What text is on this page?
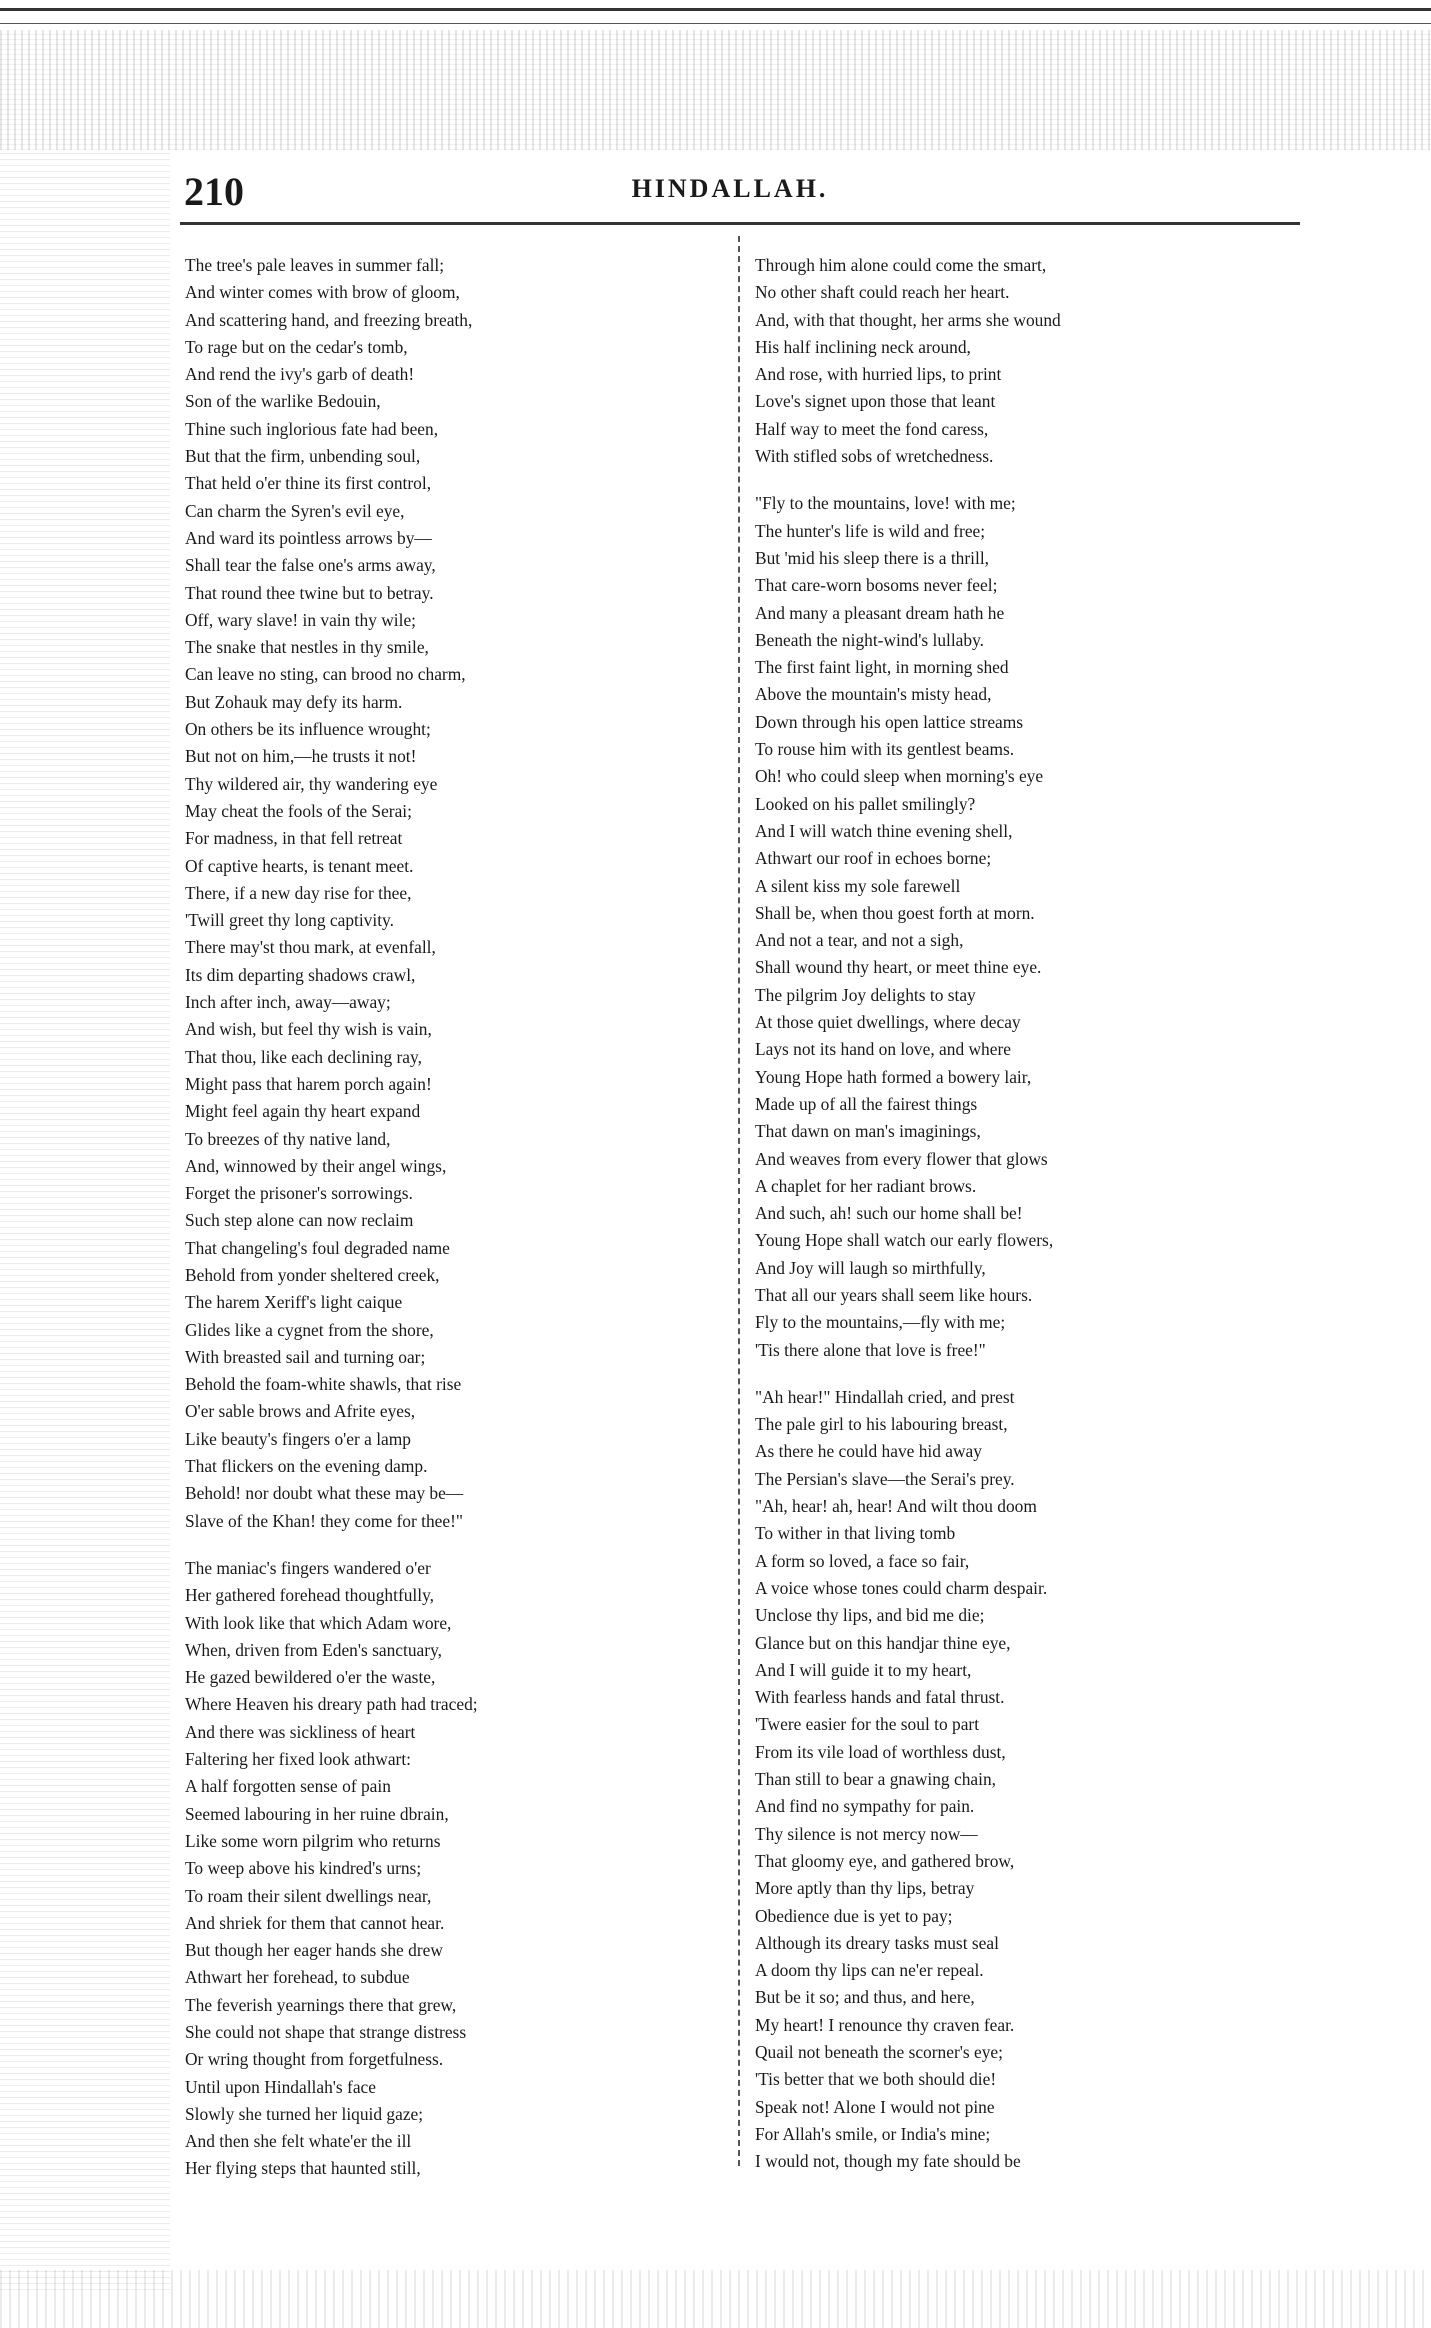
210	HINDALLAH.
The tree's pale leaves in summer fall;
And winter comes with brow of gloom,
And scattering hand, and freezing breath,
To rage but on the cedar's tomb,
And rend the ivy's garb of death!
Son of the warlike Bedouin,
Thine such inglorious fate had been,
But that the firm, unbending soul,
That held o'er thine its first control,
Can charm the Syren's evil eye,
And ward its pointless arrows by—
Shall tear the false one's arms away,
That round thee twine but to betray.
Off, wary slave! in vain thy wile;
The snake that nestles in thy smile,
Can leave no sting, can brood no charm,
But Zohauk may defy its harm.
On others be its influence wrought;
But not on him,—he trusts it not!
Thy wildered air, thy wandering eye
May cheat the fools of the Serai;
For madness, in that fell retreat
Of captive hearts, is tenant meet.
There, if a new day rise for thee,
'Twill greet thy long captivity.
There may'st thou mark, at evenfall,
Its dim departing shadows crawl,
Inch after inch, away—away;
And wish, but feel thy wish is vain,
That thou, like each declining ray,
Might pass that harem porch again!
Might feel again thy heart expand
To breezes of thy native land,
And, winnowed by their angel wings,
Forget the prisoner's sorrowings.
Such step alone can now reclaim
That changeling's foul degraded name
Behold from yonder sheltered creek,
The harem Xeriff's light caique
Glides like a cygnet from the shore,
With breasted sail and turning oar;
Behold the foam-white shawls, that rise
O'er sable brows and Afrite eyes,
Like beauty's fingers o'er a lamp
That flickers on the evening damp.
Behold! nor doubt what these may be—
Slave of the Khan! they come for thee!"
The maniac's fingers wandered o'er
Her gathered forehead thoughtfully,
With look like that which Adam wore,
When, driven from Eden's sanctuary,
He gazed bewildered o'er the waste,
Where Heaven his dreary path had traced;
And there was sickliness of heart
Faltering her fixed look athwart:
A half forgotten sense of pain
Seemed labouring in her ruine dbrain,
Like some worn pilgrim who returns
To weep above his kindred's urns;
To roam their silent dwellings near,
And shriek for them that cannot hear.
But though her eager hands she drew
Athwart her forehead, to subdue
The feverish yearnings there that grew,
She could not shape that strange distress
Or wring thought from forgetfulness.
Until upon Hindallah's face
Slowly she turned her liquid gaze;
And then she felt whate'er the ill
Her flying steps that haunted still,
Through him alone could come the smart,
No other shaft could reach her heart.
And, with that thought, her arms she wound
His half inclining neck around,
And rose, with hurried lips, to print
Love's signet upon those that leant
Half way to meet the fond caress,
With stifled sobs of wretchedness.
"Fly to the mountains, love! with me;
The hunter's life is wild and free;
But 'mid his sleep there is a thrill,
That care-worn bosoms never feel;
And many a pleasant dream hath he
Beneath the night-wind's lullaby.
The first faint light, in morning shed
Above the mountain's misty head,
Down through his open lattice streams
To rouse him with its gentlest beams.
Oh! who could sleep when morning's eye
Looked on his pallet smilingly?
And I will watch thine evening shell,
Athwart our roof in echoes borne;
A silent kiss my sole farewell
Shall be, when thou goest forth at morn.
And not a tear, and not a sigh,
Shall wound thy heart, or meet thine eye.
The pilgrim Joy delights to stay
At those quiet dwellings, where decay
Lays not its hand on love, and where
Young Hope hath formed a bowery lair,
Made up of all the fairest things
That dawn on man's imaginings,
And weaves from every flower that glows
A chaplet for her radiant brows.
And such, ah! such our home shall be!
Young Hope shall watch our early flowers,
And Joy will laugh so mirthfully,
That all our years shall seem like hours.
Fly to the mountains,—fly with me;
'Tis there alone that love is free!"
"Ah hear!" Hindallah cried, and prest
The pale girl to his labouring breast,
As there he could have hid away
The Persian's slave—the Serai's prey.
"Ah, hear! ah, hear! And wilt thou doom
To wither in that living tomb
A form so loved, a face so fair,
A voice whose tones could charm despair.
Unclose thy lips, and bid me die;
Glance but on this handjar thine eye,
And I will guide it to my heart,
With fearless hands and fatal thrust.
'Twere easier for the soul to part
From its vile load of worthless dust,
Than still to bear a gnawing chain,
And find no sympathy for pain.
Thy silence is not mercy now—
That gloomy eye, and gathered brow,
More aptly than thy lips, betray
Obedience due is yet to pay;
Although its dreary tasks must seal
A doom thy lips can ne'er repeal.
But be it so; and thus, and here,
My heart! I renounce thy craven fear.
Quail not beneath the scorner's eye;
'Tis better that we both should die!
Speak not! Alone I would not pine
For Allah's smile, or India's mine;
I would not, though my fate should be
